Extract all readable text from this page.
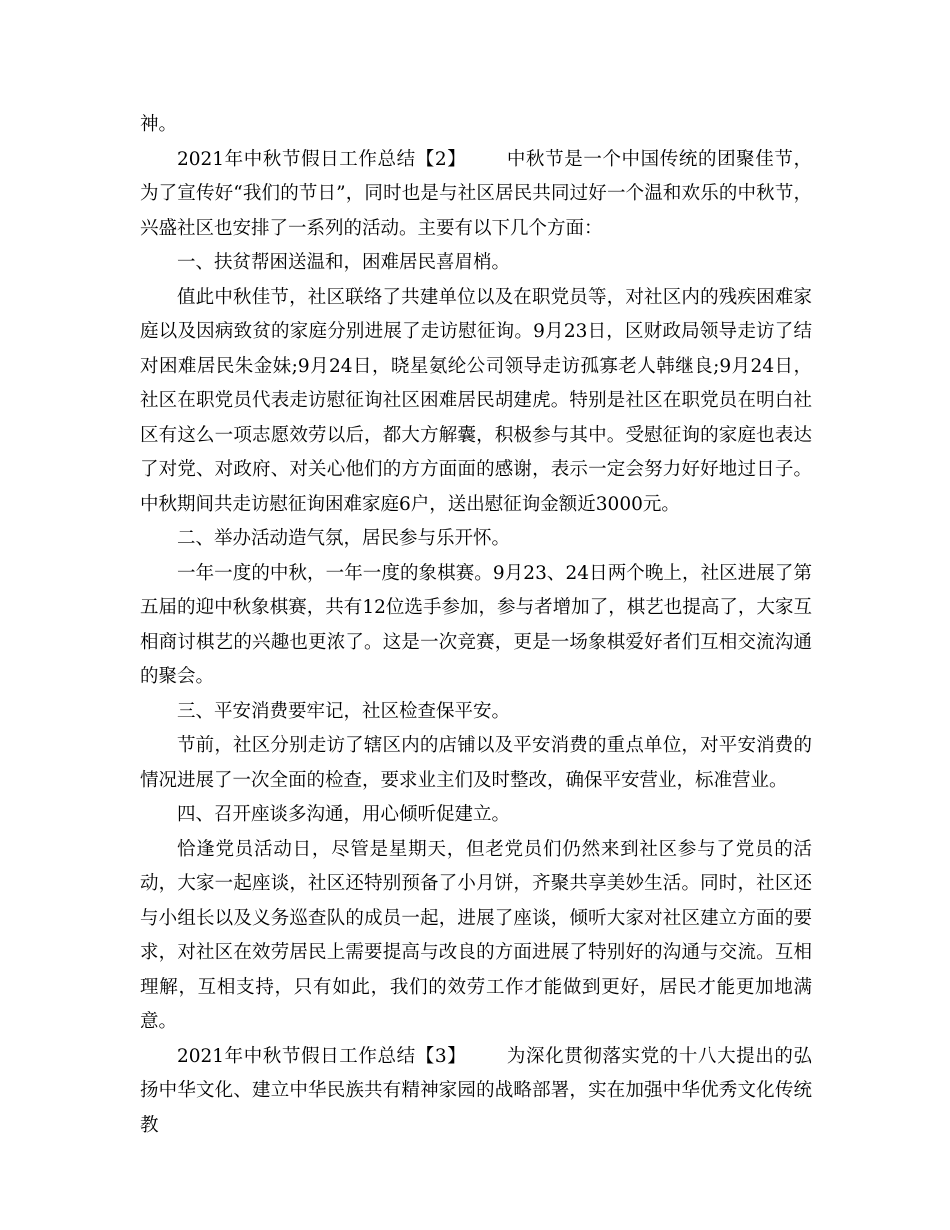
神。

2021年中秋节假日工作总结【2】 中秋节是一个中国传统的团聚佳节，为了宣传好“我们的节日”，同时也是与社区居民共同过好一个温和欢乐的中秋节，兴盛社区也安排了一系列的活动。主要有以下几个方面：

一、扶贫帮困送温和，困难居民喜眉梢。

值此中秋佳节，社区联络了共建单位以及在职党员等，对社区内的残疾困难家庭以及因病致贫的家庭分别进展了走访慰征询。9月23日，区财政局领导走访了结对困难居民朱金妹;9月24日，晓星氨纶公司领导走访孤寡老人韩继良;9月24日，社区在职党员代表走访慰征询社区困难居民胡建虎。特别是社区在职党员在明白社区有这么一项志愿效劳以后，都大方解囊，积极参与其中。受慰征询的家庭也表达了对党、对政府、对关心他们的方方面面的感谢，表示一定会努力好好地过日子。中秋期间共走访慰征询困难家庭6户，送出慰征询金额近3000元。

二、举办活动造气氛，居民参与乐开怀。

一年一度的中秋，一年一度的象棋赛。9月23、24日两个晚上，社区进展了第五届的迎中秋象棋赛，共有12位选手参加，参与者增加了，棋艺也提高了，大家互相商讨棋艺的兴趣也更浓了。这是一次竞赛，更是一场象棋爱好者们互相交流沟通的聚会。

三、平安消费要牢记，社区检查保平安。

节前，社区分别走访了辖区内的店铺以及平安消费的重点单位，对平安消费的情况进展了一次全面的检查，要求业主们及时整改，确保平安营业，标准营业。

四、召开座谈多沟通，用心倾听促建立。

恰逢党员活动日，尽管是星期天，但老党员们仍然来到社区参与了党员的活动，大家一起座谈，社区还特别预备了小月饼，齐聚共享美妙生活。同时，社区还与小组长以及义务巡查队的成员一起，进展了座谈，倾听大家对社区建立方面的要求，对社区在效劳居民上需要提高与改良的方面进展了特别好的沟通与交流。互相理解，互相支持，只有如此，我们的效劳工作才能做到更好，居民才能更加地满意。

2021年中秋节假日工作总结【3】 为深化贯彻落实党的十八大提出的弘扬中华文化、建立中华民族共有精神家园的战略部署，实在加强中华优秀文化传统教
